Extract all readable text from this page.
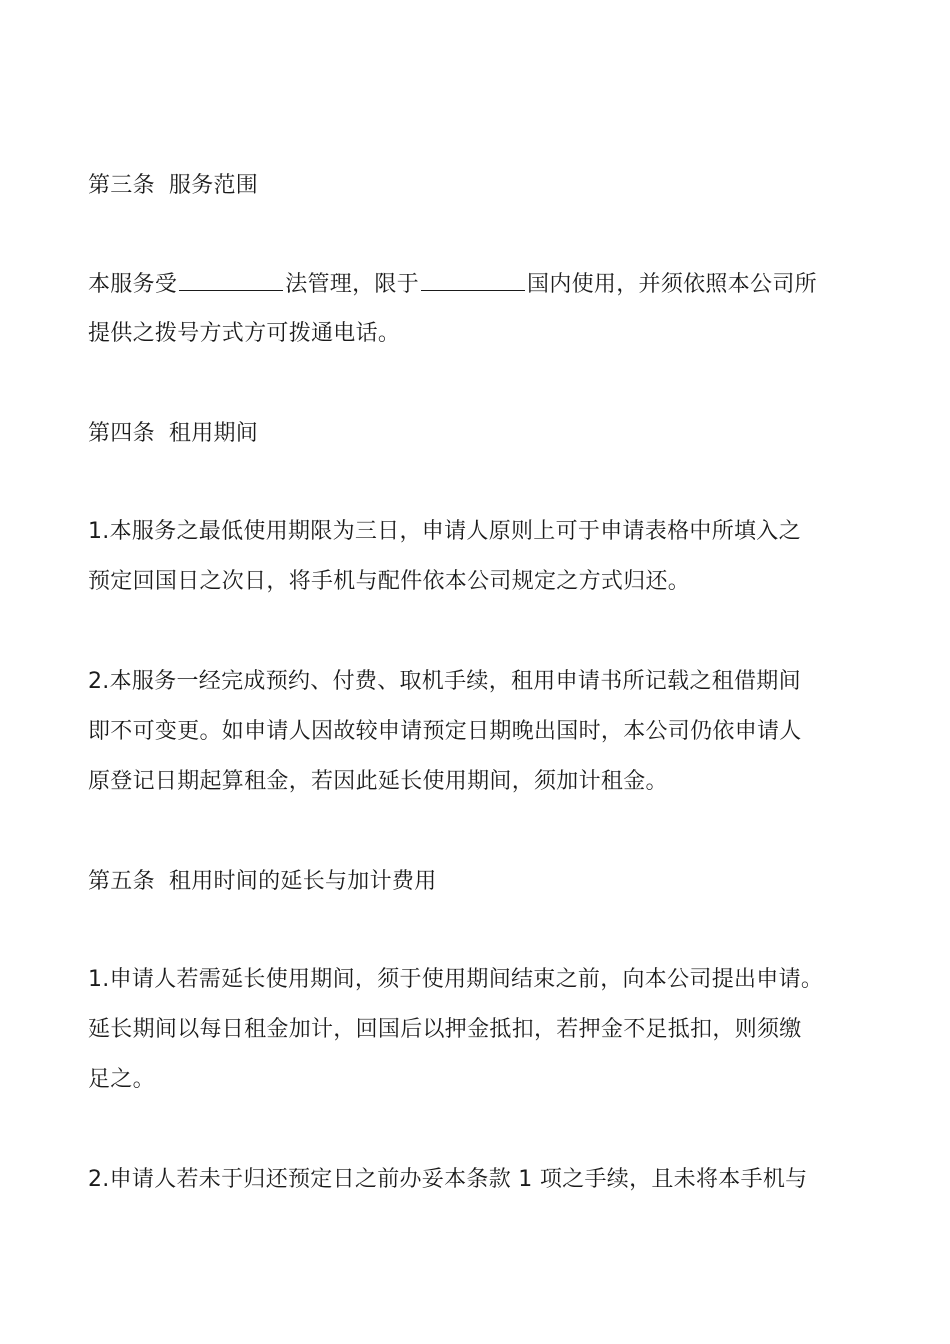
第三条 服务范围
本服务受	法管理，限于	国内使用，并须依照本公司所
提供之拨号方式方可拨通电话。
第四条 租用期间
1.本服务之最低使用期限为三日，申请人原则上可于申请表格中所填入之
预定回国日之次日，将手机与配件依本公司规定之方式归还。
2.本服务一经完成预约、付费、取机手续，租用申请书所记载之租借期间
即不可变更。如申请人因故较申请预定日期晚出国时，本公司仍依申请人
原登记日期起算租金，若因此延长使用期间，须加计租金。
第五条 租用时间的延长与加计费用
1.申请人若需延长使用期间，须于使用期间结束之前，向本公司提出申请。
延长期间以每日租金加计，回国后以押金抵扣，若押金不足抵扣，则须缴
足之。
2.申请人若未于归还预定日之前办妥本条款 1 项之手续，且未将本手机与
